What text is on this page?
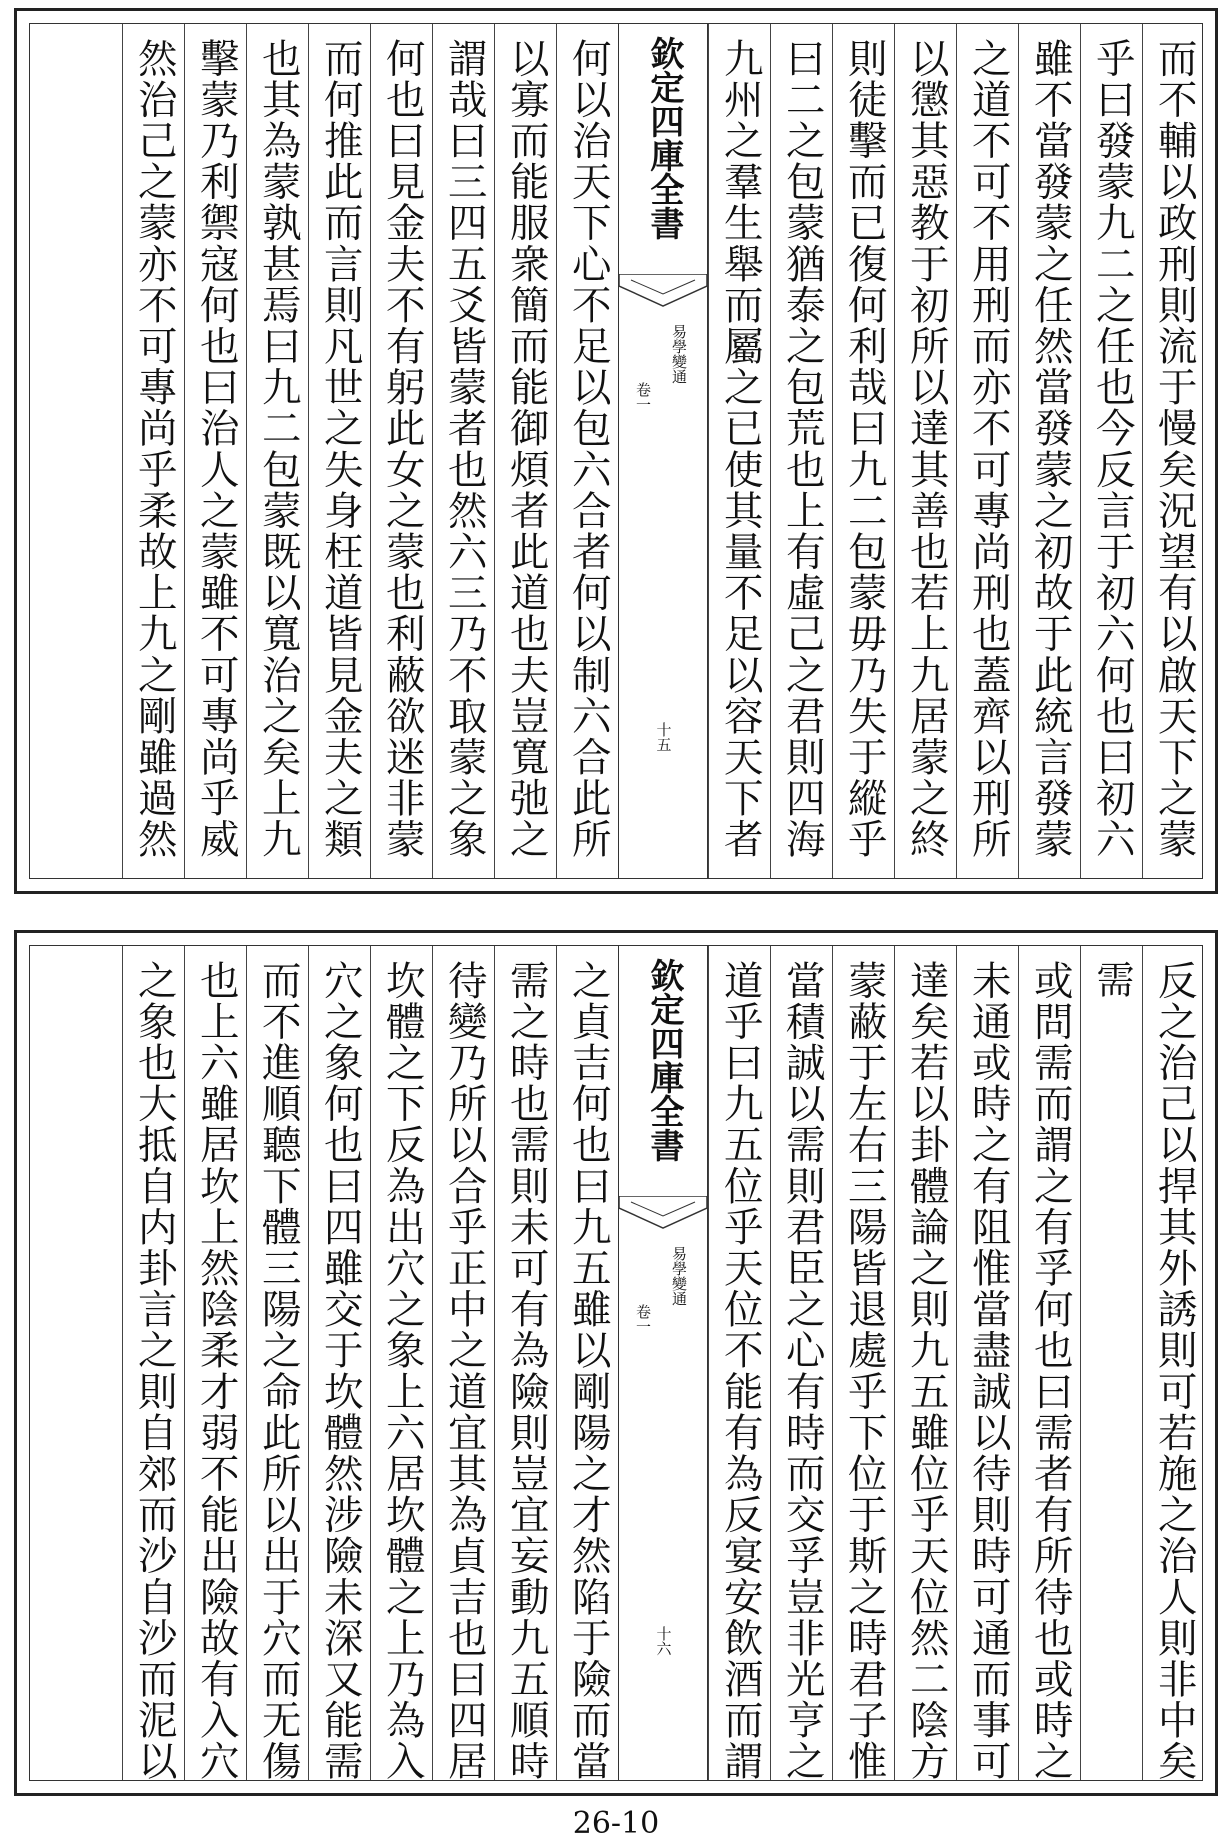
而不輔以政刑則流于慢矣況望有以啟天下之蒙
乎曰發蒙九二之任也今反言于初六何也曰初六
雖不當發蒙之任然當發蒙之初故于此統言發蒙
之道不可不用刑而亦不可專尚刑也蓋齊以刑所
以懲其惡教于初所以達其善也若上九居蒙之終
則徒擊而已復何利哉曰九二包蒙毋乃失于縱乎
曰二之包蒙猶泰之包荒也上有虛己之君則四海
九州之羣生舉而屬之已使其量不足以容天下者
欽定四庫全書
易學變通
卷一
十五
何以治天下心不足以包六合者何以制六合此所
以寡而能服衆簡而能御煩者此道也夫豈寬弛之
謂哉曰三四五爻皆蒙者也然六三乃不取蒙之象
何也曰見金夫不有躬此女之蒙也利蔽欲迷非蒙
而何推此而言則凡世之失身枉道皆見金夫之類
也其為蒙孰甚焉曰九二包蒙既以寬治之矣上九
擊蒙乃利禦寇何也曰治人之蒙雖不可專尚乎威
然治己之蒙亦不可專尚乎柔故上九之剛雖過然
反之治己以捍其外誘則可若施之治人則非中矣
需
或問需而謂之有孚何也曰需者有所待也或時之
未通或時之有阻惟當盡誠以待則時可通而事可
達矣若以卦體論之則九五雖位乎天位然二陰方
蒙蔽于左右三陽皆退處乎下位于斯之時君子惟
當積誠以需則君臣之心有時而交孚豈非光亨之
道乎曰九五位乎天位不能有為反宴安飲酒而謂
欽定四庫全書
易學變通
卷一
十六
之貞吉何也曰九五雖以剛陽之才然陷于險而當
需之時也需則未可有為險則豈宜妄動九五順時
待變乃所以合乎正中之道宜其為貞吉也曰四居
坎體之下反為出穴之象上六居坎體之上乃為入
穴之象何也曰四雖交于坎體然涉險未深又能需
而不進順聽下體三陽之命此所以出于穴而无傷
也上六雖居坎上然陰柔才弱不能出險故有入穴
之象也大抵自内卦言之則自郊而沙自沙而泥以
26-10
